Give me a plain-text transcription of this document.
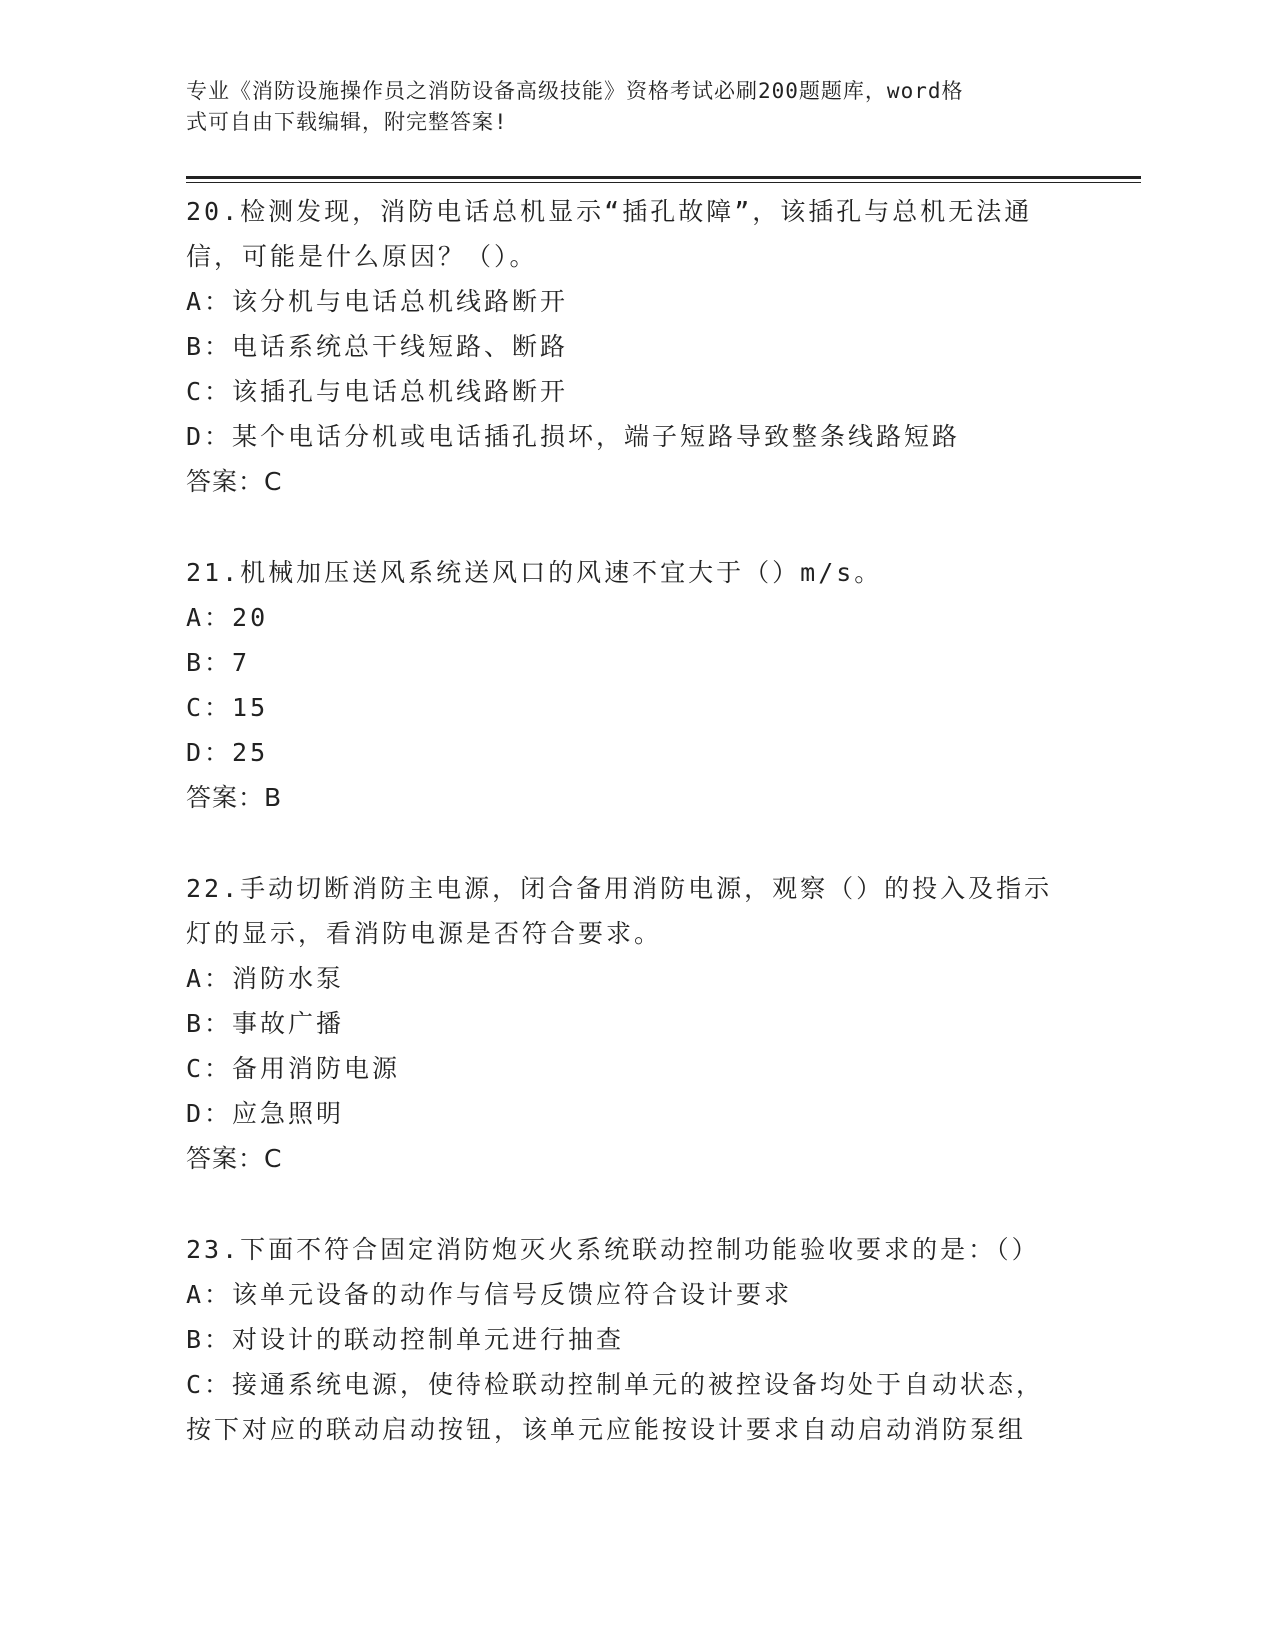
专业《消防设施操作员之消防设备高级技能》资格考试必刷200题题库，word格
式可自由下载编辑，附完整答案!
20.检测发现，消防电话总机显示“插孔故障”，该插孔与总机无法通
信，可能是什么原因？（）。
A：该分机与电话总机线路断开
B：电话系统总干线短路、断路
C：该插孔与电话总机线路断开
D：某个电话分机或电话插孔损坏，端子短路导致整条线路短路
答案：C
21.机械加压送风系统送风口的风速不宜大于（）m/s。
A：20
B：7
C：15
D：25
答案：B
22.手动切断消防主电源，闭合备用消防电源，观察（）的投入及指示
灯的显示，看消防电源是否符合要求。
A：消防水泵
B：事故广播
C：备用消防电源
D：应急照明
答案：C
23.下面不符合固定消防炮灭火系统联动控制功能验收要求的是：（）
A：该单元设备的动作与信号反馈应符合设计要求
B：对设计的联动控制单元进行抽查
C：接通系统电源，使待检联动控制单元的被控设备均处于自动状态，
按下对应的联动启动按钮，该单元应能按设计要求自动启动消防泵组
